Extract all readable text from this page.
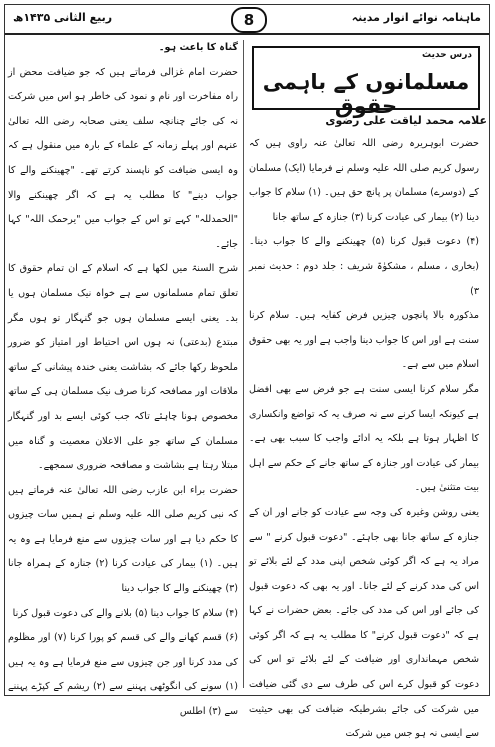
ماہنامہ نوائے انوار مدینہ
8
ربیع الثانی ۱۴۳۵ھ
درس حدیث
مسلمانوں کے باہمی حقوق
علامہ محمد لیاقت علی رضوی

حضرت ابوہریرہ رضی اللہ تعالیٰ عنہ راوی ہیں کہ رسول کریم صلی اللہ علیہ وسلم نے فرمایا (ایک) مسلمان کے (دوسرے) مسلمان پر پانچ حق ہیں۔ (۱) سلام کا جواب دینا (۲) بیمار کی عیادت کرنا (۳) جنازہ کے ساتھ جانا

(۴) دعوت قبول کرنا (۵) چھینکنے والے کا جواب دینا۔ (بخاری ، مسلم ، مشکوٰۃ شریف : جلد دوم : حدیث نمبر ۳)

مذکورہ بالا پانچوں چیزیں فرض کفایہ ہیں۔ سلام کرنا سنت ہے اور اس کا جواب دینا واجب ہے اور یہ بھی حقوق اسلام میں سے ہے۔

مگر سلام کرنا ایسی سنت ہے جو فرض سے بھی افضل ہے کیونکہ ایسا کرنے سے نہ صرف یہ کہ تواضع وانکساری کا اظہار ہوتا ہے بلکہ یہ ادائے واجب کا سبب بھی ہے۔ بیمار کی عیادت اور جنازہ کے ساتھ جانے کے حکم سے اہل بیت متثنیٰ ہیں۔

یعنی روشن وغیرہ کی وجہ سے عیادت کو جانے اور ان کے جنازہ کے ساتھ جانا بھی جاہئے۔ "دعوت قبول کرنے " سے مراد یہ ہے کہ اگر کوئی شخص اپنی مدد کے لئے بلائے تو اس کی مدد کرنے کے لئے جانا۔ اور یہ بھی کہ دعوت قبول کی جائے اور اس کی مدد کی جائے۔ بعض حضرات نے کہا ہے کہ "دعوت قبول کرنے" کا مطلب یہ ہے کہ اگر کوئی شخص مہمانداری اور ضیافت کے لئے بلائے تو اس کی دعوت کو قبول کرے اس کی طرف سے دی گئی ضیافت میں شرکت کی جائے بشرطیکہ ضیافت کی بھی حیثیت سے ایسی نہ ہو جس میں شرکت

گناہ کا باعث ہو۔

حضرت امام غزالی فرماتے ہیں کہ جو ضیافت محض از راہ مفاخرت اور نام و نمود کی خاطر ہو اس میں شرکت نہ کی جائے چنانچہ سلف یعنی صحابہ رضی اللہ تعالیٰ عنہم اور پہلے زمانہ کے علماء کے بارہ میں منقول ہے کہ وہ ایسی ضیافت کو ناپسند کرتے تھے۔ "چھینکنے والے کا جواب دینے" کا مطلب یہ ہے کہ اگر چھینکنے والا "الحمدللہ" کہے تو اس کے جواب میں "یرحمک اللہ" کہا جائے۔

شرح السنۃ میں لکھا ہے کہ اسلام کے ان تمام حقوق کا تعلق تمام مسلمانوں سے ہے خواہ نیک مسلمان ہوں یا بد۔ یعنی ایسے مسلمان ہوں جو گنہگار تو ہوں مگر مبتدع (بدعتی) نہ ہوں اس احتیاط اور امتیاز کو ضرور ملحوظ رکھا جائے کہ بشاشت یعنی خندہ پیشانی کے ساتھ ملاقات اور مصافحہ کرنا صرف نیک مسلمان ہی کے ساتھ مخصوص ہونا چاہئے تاکہ جب کوئی ایسے بد اور گنہگار مسلمان کے ساتھ جو علی الاعلان معصیت و گناہ میں مبتلا رہتا ہے بشاشت و مصافحہ ضروری سمجھے۔

حضرت براء ابن عازب رضی اللہ تعالیٰ عنہ فرماتے ہیں کہ نبی کریم صلی اللہ علیہ وسلم نے ہمیں سات چیزوں کا حکم دیا ہے اور سات چیزوں سے منع فرمایا ہے وہ یہ ہیں۔ (۱) بیمار کی عیادت کرنا (۲) جنازہ کے ہمراہ جانا (۳) چھینکنے والے کا جواب دینا

(۴) سلام کا جواب دینا (۵) بلانے والے کی دعوت قبول کرنا

(۶) قسم کھانے والے کی قسم کو پورا کرنا (۷) اور مظلوم کی مدد کرنا اور جن چیزوں سے منع فرمایا ہے وہ یہ ہیں (۱) سونے کی انگوٹھی پہننے سے (۲) ریشم کے کپڑے پہننے سے (۳) اطلس
